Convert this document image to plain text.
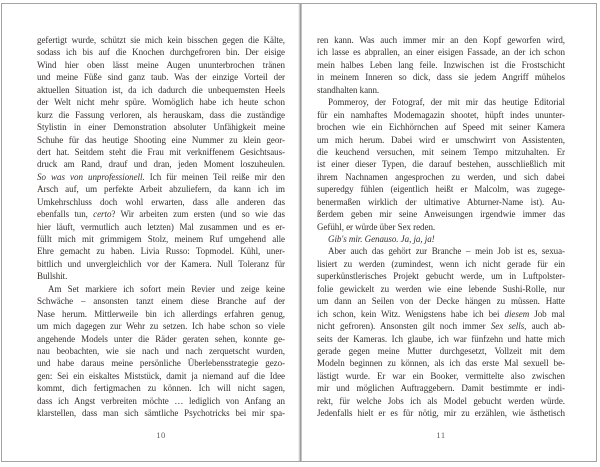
gefertigt wurde, schützt sie mich kein bisschen gegen die Kälte,
sodass ich bis auf die Knochen durchgefroren bin. Der eisige
Wind hier oben lässt meine Augen ununterbrochen tränen
und meine Füße sind ganz taub. Was der einzige Vorteil der
aktuellen Situation ist, da ich dadurch die unbequemsten Heels
der Welt nicht mehr spüre. Womöglich habe ich heute schon
kurz die Fassung verloren, als herauskam, dass die zuständige
Stylistin in einer Demonstration absoluter Unfähigkeit meine
Schuhe für das heutige Shooting eine Nummer zu klein geor-
dert hat. Seitdem steht die Frau mit verkniffenem Gesichtsaus-
druck am Rand, drauf und dran, jeden Moment loszuheulen.
So was von unprofessionell. Ich für meinen Teil reiße mir den
Arsch auf, um perfekte Arbeit abzuliefern, da kann ich im
Umkehrschluss doch wohl erwarten, dass alle anderen das
ebenfalls tun, certo? Wir arbeiten zum ersten (und so wie das
hier läuft, vermutlich auch letzten) Mal zusammen und es er-
füllt mich mit grimmigem Stolz, meinem Ruf umgehend alle
Ehre gemacht zu haben. Livia Russo: Topmodel. Kühl, uner-
bittlich und unvergleichlich vor der Kamera. Null Toleranz für
Bullshit.
Am Set markiere ich sofort mein Revier und zeige keine
Schwäche – ansonsten tanzt einem diese Branche auf der
Nase herum. Mittlerweile bin ich allerdings erfahren genug,
um mich dagegen zur Wehr zu setzen. Ich habe schon so viele
angehende Models unter die Räder geraten sehen, konnte ge-
nau beobachten, wie sie nach und nach zerquetscht wurden,
und habe daraus meine persönliche Überlebensstrategie gezo-
gen: Sei ein eiskaltes Miststück, damit ja niemand auf die Idee
kommt, dich fertigmachen zu können. Ich will nicht sagen,
dass ich Angst verbreiten möchte … lediglich von Anfang an
klarstellen, dass man sich sämtliche Psychotricks bei mir spa-
10
ren kann. Was auch immer mir an den Kopf geworfen wird,
ich lasse es abprallen, an einer eisigen Fassade, an der ich schon
mein halbes Leben lang feile. Inzwischen ist die Frostschicht
in meinem Inneren so dick, dass sie jedem Angriff mühelos
standhalten kann.
Pommeroy, der Fotograf, der mit mir das heutige Editorial
für ein namhaftes Modemagazin shootet, hüpft indes ununter-
brochen wie ein Eichhörnchen auf Speed mit seiner Kamera
um mich herum. Dabei wird er umschwirrt von Assistenten,
die keuchend versuchen, mit seinem Tempo mitzuhalten. Er
ist einer dieser Typen, die darauf bestehen, ausschließlich mit
ihrem Nachnamen angesprochen zu werden, und sich dabei
superedgy fühlen (eigentlich heißt er Malcolm, was zugege-
benermaßen wirklich der ultimative Abturner-Name ist). Au-
ßerdem geben mir seine Anweisungen irgendwie immer das
Gefühl, er würde über Sex reden.
Gib's mir. Genauso. Ja, ja, ja!
Aber auch das gehört zur Branche – mein Job ist es, sexua-
lisiert zu werden (zumindest, wenn ich nicht gerade für ein
superkünstlerisches Projekt gebucht werde, um in Luftpolster-
folie gewickelt zu werden wie eine lebende Sushi-Rolle, nur
um dann an Seilen von der Decke hängen zu müssen. Hatte
ich schon, kein Witz. Wenigstens habe ich bei diesem Job mal
nicht gefroren). Ansonsten gilt noch immer Sex sells, auch ab-
seits der Kameras. Ich glaube, ich war fünfzehn und hatte mich
gerade gegen meine Mutter durchgesetzt, Vollzeit mit dem
Modeln beginnen zu können, als ich das erste Mal sexuell be-
lästigt wurde. Er war ein Booker, vermittelte also zwischen
mir und möglichen Auftraggebern. Damit bestimmte er indi-
rekt, für welche Jobs ich als Model gebucht werden würde.
Jedenfalls hielt er es für nötig, mir zu erzählen, wie ästhetisch
11
